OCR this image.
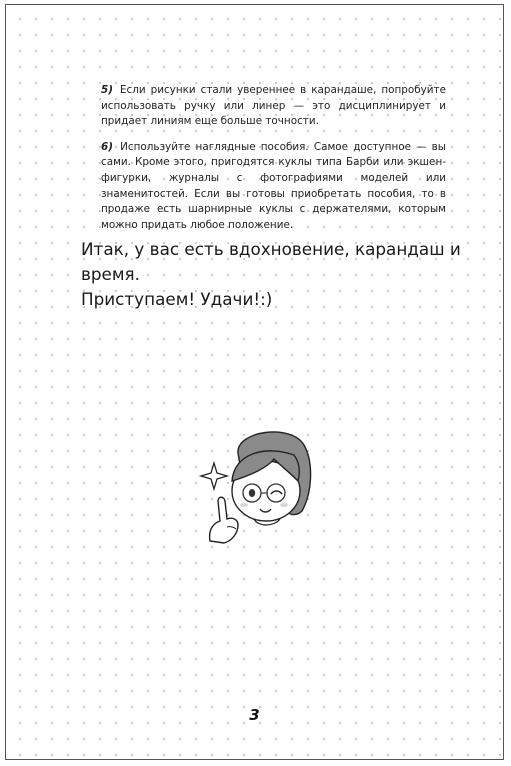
5) Если рисунки стали увереннее в карандаше, попробуйте использовать ручку или линер — это дисциплинирует и придает линиям еще больше точности.

6) Используйте наглядные пособия. Самое доступное — вы сами. Кроме этого, пригодятся куклы типа Барби или экшен-фигурки, журналы с фотографиями моделей или знаменитостей. Если вы готовы приобретать пособия, то в продаже есть шарнирные куклы с держателями, которым можно придать любое положение.

Итак, у вас есть вдохновение, карандаш и время.
Приступаем! Удачи!:)
3
